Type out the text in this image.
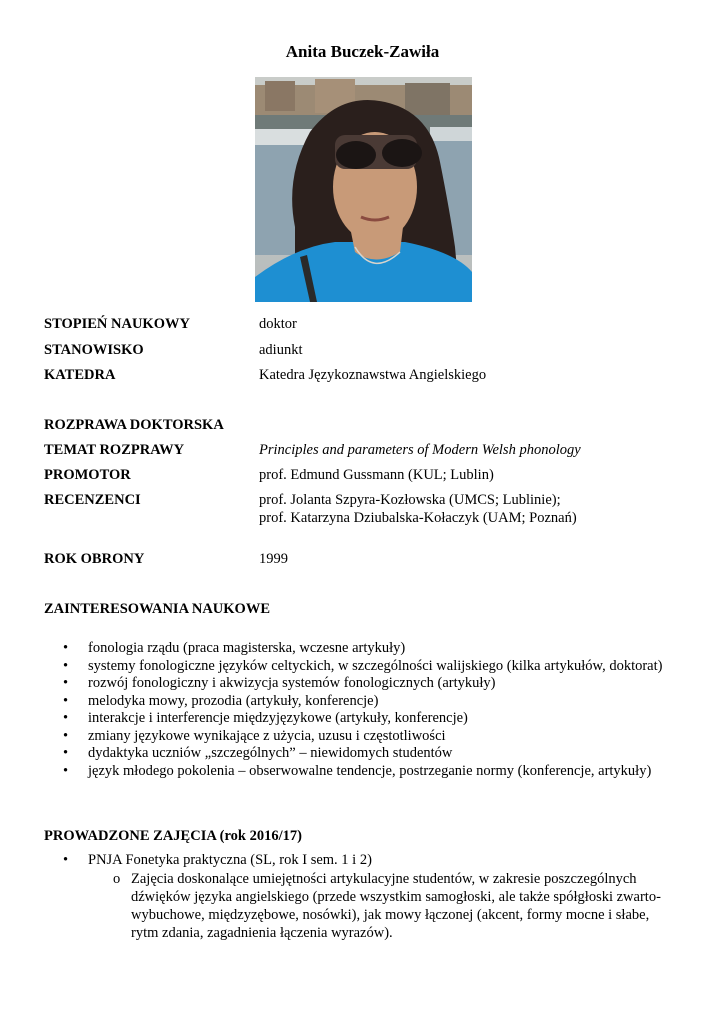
Anita Buczek-Zawiła
STOPIEŃ NAUKOWY	doktor
STANOWISKO	adiunkt
KATEDRA	Katedra Językoznawstwa Angielskiego
ROZPRAWA DOKTORSKA
TEMAT ROZPRAWY	Principles and parameters of Modern Welsh phonology
PROMOTOR	prof. Edmund Gussmann (KUL; Lublin)
RECENZENCI	prof. Jolanta Szpyra-Kozłowska (UMCS; Lublinie);
prof. Katarzyna Dziubalska-Kołaczyk (UAM; Poznań)
ROK OBRONY	1999
ZAINTERESOWANIA NAUKOWE
• fonologia rządu (praca magisterska, wczesne artykuły)
• systemy fonologiczne języków celtyckich, w szczególności walijskiego (kilka artykułów, doktorat)
• rozwój fonologiczny i akwizycja systemów fonologicznych (artykuły)
• melodyka mowy, prozodia (artykuły, konferencje)
• interakcje i interferencje międzyjęzykowe (artykuły, konferencje)
• zmiany językowe wynikające z użycia, uzusu i częstotliwości
• dydaktyka uczniów „szczególnych” – niewidomych studentów
• język młodego pokolenia – obserwowalne tendencje, postrzeganie normy (konferencje, artykuły)
PROWADZONE ZAJĘCIA (rok 2016/17)
• PNJA Fonetyka praktyczna (SL, rok I sem. 1 i 2)
o Zajęcia doskonalące umiejętności artykulacyjne studentów, w zakresie poszczególnych
dźwięków języka angielskiego (przede wszystkim samogłoski, ale także spółgłoski zwarto-
wybuchowe, międzyzębowe, nosówki), jak mowy łączonej (akcent, formy mocne i słabe,
rytm zdania, zagadnienia łączenia wyrazów).
